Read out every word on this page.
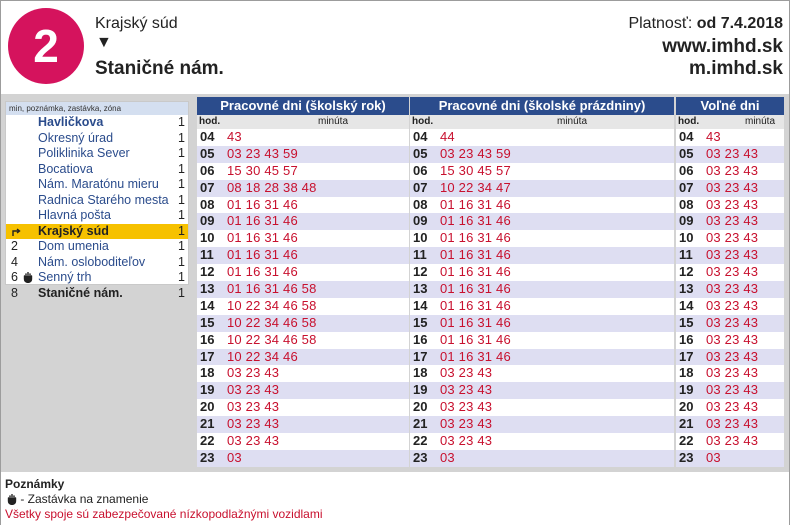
2	Krajský súd
▼
Staničné nám.
Platnosť: od 7.4.2018
www.imhd.sk
m.imhd.sk
min, poznámka, zastávka, zóna
Havličkova	1
Okresný úrad	1
Poliklinika Sever	1
Bocatiova	1
Nám. Maratónu mieru 1
Radnica Starého mesta 1
Hlavná pošta	1
Krajský súd	1
2	Dom umenia	1
4	Nám. osloboditeľov	1
6	Senný trh	1
8	Staničné nám.	1
Pracovné dni (školský rok)
hod.	minúta
04 43
05 03 23 43 59
06 15 30 45 57
07 08 18 28 38 48
08 01 16 31 46
09 01 16 31 46
10 01 16 31 46
11 01 16 31 46
12 01 16 31 46
13 01 16 31 46 58
14 10 22 34 46 58
15 10 22 34 46 58
16 10 22 34 46 58
17 10 22 34 46
18 03 23 43
19 03 23 43
20 03 23 43
21 03 23 43
22 03 23 43
23 03
Pracovné dni (školské prázdniny)
hod.	minúta
04 44
05 03 23 43 59
06 15 30 45 57
07 10 22 34 47
08 01 16 31 46
09 01 16 31 46
10 01 16 31 46
11 01 16 31 46
12 01 16 31 46
13 01 16 31 46
14 01 16 31 46
15 01 16 31 46
16 01 16 31 46
17 01 16 31 46
18 03 23 43
19 03 23 43
20 03 23 43
21 03 23 43
22 03 23 43
23 03
Voľné dni
hod.	minúta
04 43
05 03 23 43
06 03 23 43
07 03 23 43
08 03 23 43
09 03 23 43
10 03 23 43
11 03 23 43
12 03 23 43
13 03 23 43
14 03 23 43
15 03 23 43
16 03 23 43
17 03 23 43
18 03 23 43
19 03 23 43
20 03 23 43
21 03 23 43
22 03 23 43
23 03
Poznámky
- Zastávka na znamenie
Všetky spoje sú zabezpečované nízkopodlažnými vozidlami
